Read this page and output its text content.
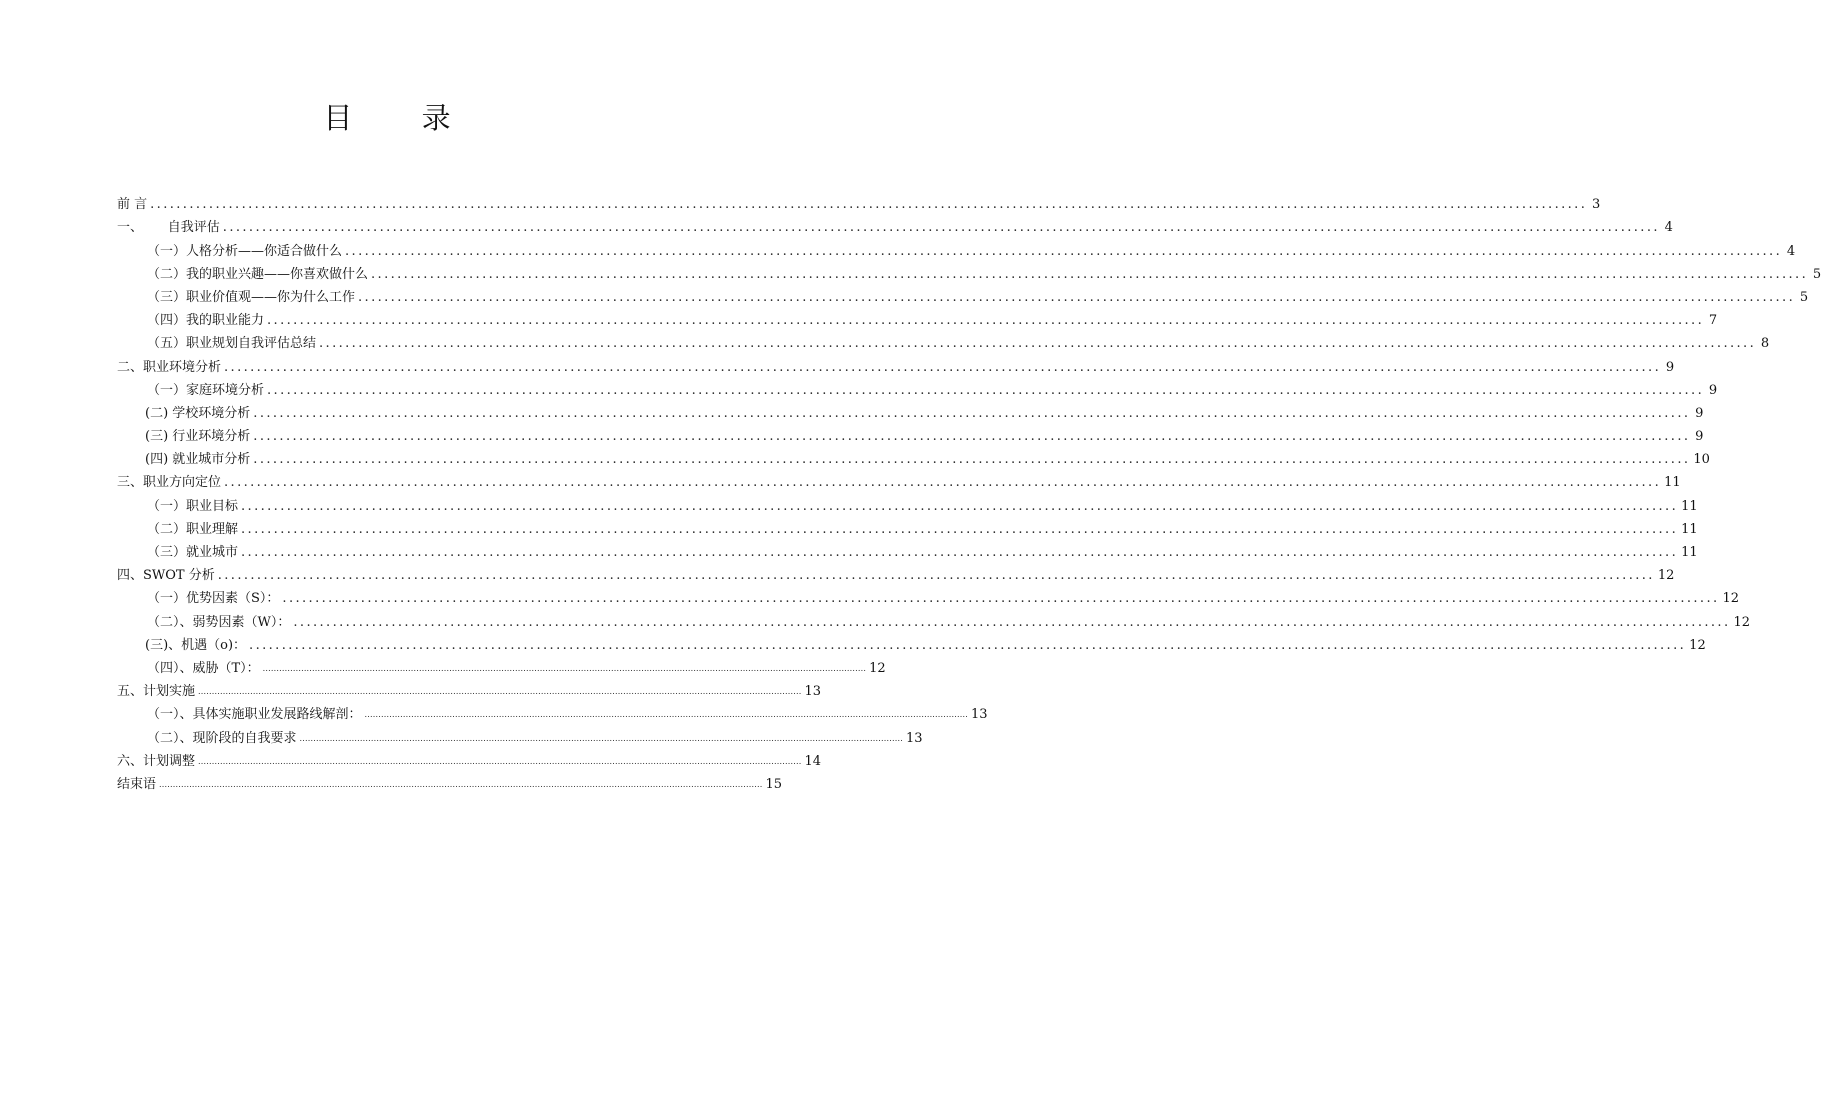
目 录
前 言 ............................................................................................................................................................................................................................ 3
一、      自我评估 ............................................................................................................................................................................................................................ 4
（一）人格分析——你适合做什么 ............................................................................................................................................................................................................................ 4
（二）我的职业兴趣——你喜欢做什么 ............................................................................................................................................................................................................................ 5
（三）职业价值观——你为什么工作 ............................................................................................................................................................................................................................ 5
（四）我的职业能力 ............................................................................................................................................................................................................................ 7
（五）职业规划自我评估总结 ............................................................................................................................................................................................................................ 8
二、职业环境分析 ............................................................................................................................................................................................................................ 9
（一）家庭环境分析 ............................................................................................................................................................................................................................ 9
(二) 学校环境分析 ............................................................................................................................................................................................................................ 9
(三) 行业环境分析 ............................................................................................................................................................................................................................ 9
(四) 就业城市分析 ............................................................................................................................................................................................................................ 10
三、职业方向定位 ............................................................................................................................................................................................................................ 11
（一）职业目标 ............................................................................................................................................................................................................................ 11
（二）职业理解 ............................................................................................................................................................................................................................ 11
（三）就业城市 ............................................................................................................................................................................................................................ 11
四、SWOT 分析 ............................................................................................................................................................................................................................ 12
（一）优势因素（S）： ............................................................................................................................................................................................................................ 12
（二）、弱势因素（W）： ............................................................................................................................................................................................................................ 12
(三)、机遇（o)： ............................................................................................................................................................................................................................ 12
（四）、威胁（T）： ............................................................................................................................................................................................................................ 12
五、计划实施 ............................................................................................................................................................................................................................ 13
（一）、具体实施职业发展路线解剖： ............................................................................................................................................................................................................................ 13
（二）、现阶段的自我要求 ............................................................................................................................................................................................................................ 13
六、计划调整 ............................................................................................................................................................................................................................ 14
结束语 ............................................................................................................................................................................................................................ 15
